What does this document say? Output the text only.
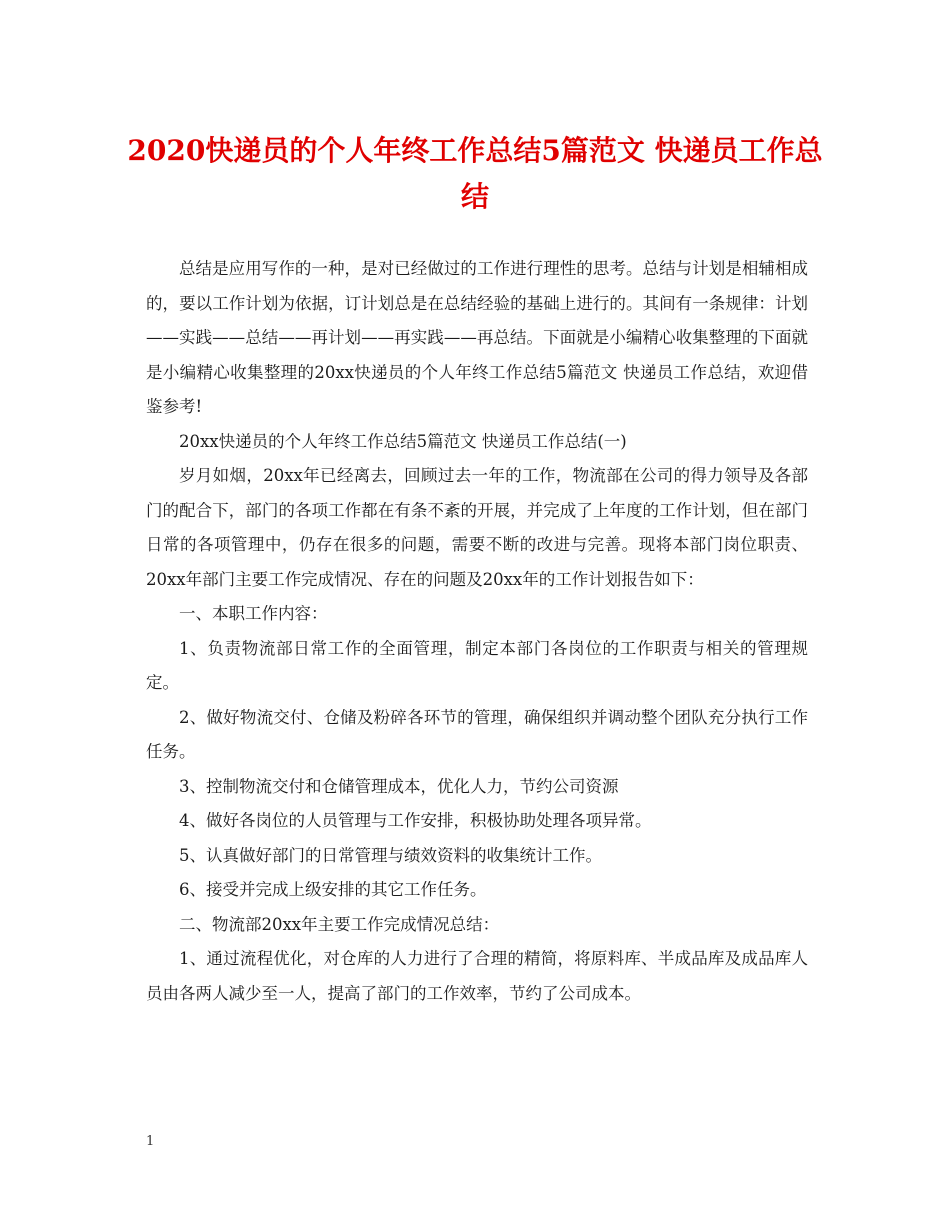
2020快递员的个人年终工作总结5篇范文 快递员工作总结

总结是应用写作的一种，是对已经做过的工作进行理性的思考。总结与计划是相辅相成的，要以工作计划为依据，订计划总是在总结经验的基础上进行的。其间有一条规律：计划——实践——总结——再计划——再实践——再总结。下面就是小编精心收集整理的下面就是小编精心收集整理的20xx快递员的个人年终工作总结5篇范文 快递员工作总结，欢迎借鉴参考!

20xx快递员的个人年终工作总结5篇范文 快递员工作总结(一)

岁月如烟，20xx年已经离去，回顾过去一年的工作，物流部在公司的得力领导及各部门的配合下，部门的各项工作都在有条不紊的开展，并完成了上年度的工作计划，但在部门日常的各项管理中，仍存在很多的问题，需要不断的改进与完善。现将本部门岗位职责、20xx年部门主要工作完成情况、存在的问题及20xx年的工作计划报告如下：

一、本职工作内容：

1、负责物流部日常工作的全面管理，制定本部门各岗位的工作职责与相关的管理规定。

2、做好物流交付、仓储及粉碎各环节的管理，确保组织并调动整个团队充分执行工作任务。

3、控制物流交付和仓储管理成本，优化人力，节约公司资源

4、做好各岗位的人员管理与工作安排，积极协助处理各项异常。

5、认真做好部门的日常管理与绩效资料的收集统计工作。

6、接受并完成上级安排的其它工作任务。

二、物流部20xx年主要工作完成情况总结：

1、通过流程优化，对仓库的人力进行了合理的精简，将原料库、半成品库及成品库人员由各两人减少至一人，提高了部门的工作效率，节约了公司成本。

1
